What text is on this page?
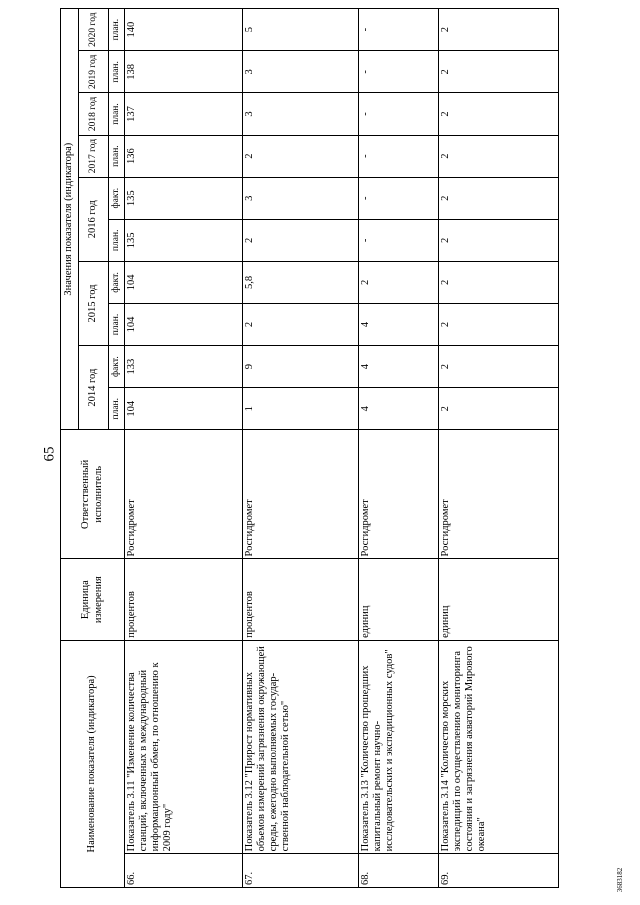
65
3683182
Наименование показателя (индикатора)		Единица измерения	Ответственный исполнитель	Значения показателя (индикатора)									
				2014 год		2015 год		2016 год		2017 год	2018 год	2019 год	2020 год

				план.	факт.	план.	факт.	план.	факт.	план.	план.	план.	план.
66.	Показатель 3.11 "Изменение количества станций, включенных в международный информационный обмен, по отношению к 2009 году"	процентов	Росгидромет	104	133	104	104	135	135	136	137	138	140
67.	Показатель 3.12 "Прирост нормативных объемов измерений загрязнения окружающей среды, ежегодно выполняемых государ-ственной наблюдательной сетью"	процентов	Росгидромет	1	9	2	5,8	2	3	2	3	3	5
68.	Показатель 3.13 "Количество прошедших капитальный ремонт научно-исследовательских и экспедиционных судов"	единиц	Росгидромет	4	4	4	2	-	-	-	-	-	-
69.	Показатель 3.14 "Количество морских экспедиций по осуществлению мониторинга состояния и загрязнения акваторий Мирового океана"	единиц	Росгидромет	2	2	2	2	2	2	2	2	2	2
